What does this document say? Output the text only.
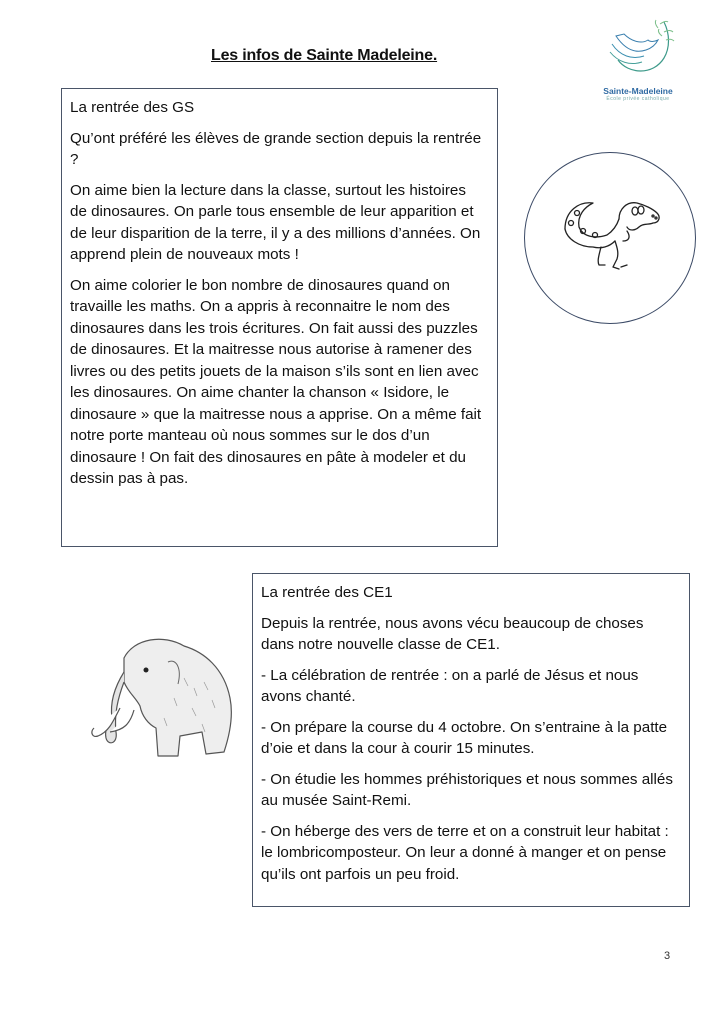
Les infos de Sainte Madeleine.
Sainte-Madeleine
École privée catholique

La rentrée des GS

Qu’ont préféré les élèves de grande section depuis la rentrée ?

On aime bien la lecture dans la classe, surtout les histoires de dinosaures. On parle tous ensemble de leur apparition et de leur disparition de la terre, il y a des millions d’années. On apprend plein de nouveaux mots !

On aime colorier le bon nombre de dinosaures quand on travaille les maths. On a appris à reconnaitre le nom des dinosaures dans les trois écritures. On fait aussi des puzzles de dinosaures. Et la maitresse nous autorise à ramener des livres ou des petits jouets de la maison s’ils sont en lien avec les dinosaures. On aime chanter la chanson « Isidore, le dinosaure » que la maitresse nous a apprise. On a même fait notre porte manteau où nous sommes sur le dos d’un dinosaure ! On fait des dinosaures en pâte à modeler et du dessin pas à pas.

La rentrée des CE1

Depuis la rentrée, nous avons vécu beaucoup de choses dans notre nouvelle classe de CE1.

- La célébration de rentrée : on a parlé de Jésus et nous avons chanté.

- On prépare la course du 4 octobre. On s’entraine à la patte d’oie et dans la cour à courir 15 minutes.

- On étudie les hommes préhistoriques et nous sommes allés au musée Saint-Remi.

- On héberge des vers de terre et on a construit leur habitat : le lombricomposteur. On leur a donné à manger et on pense qu’ils ont parfois un peu froid.

3
